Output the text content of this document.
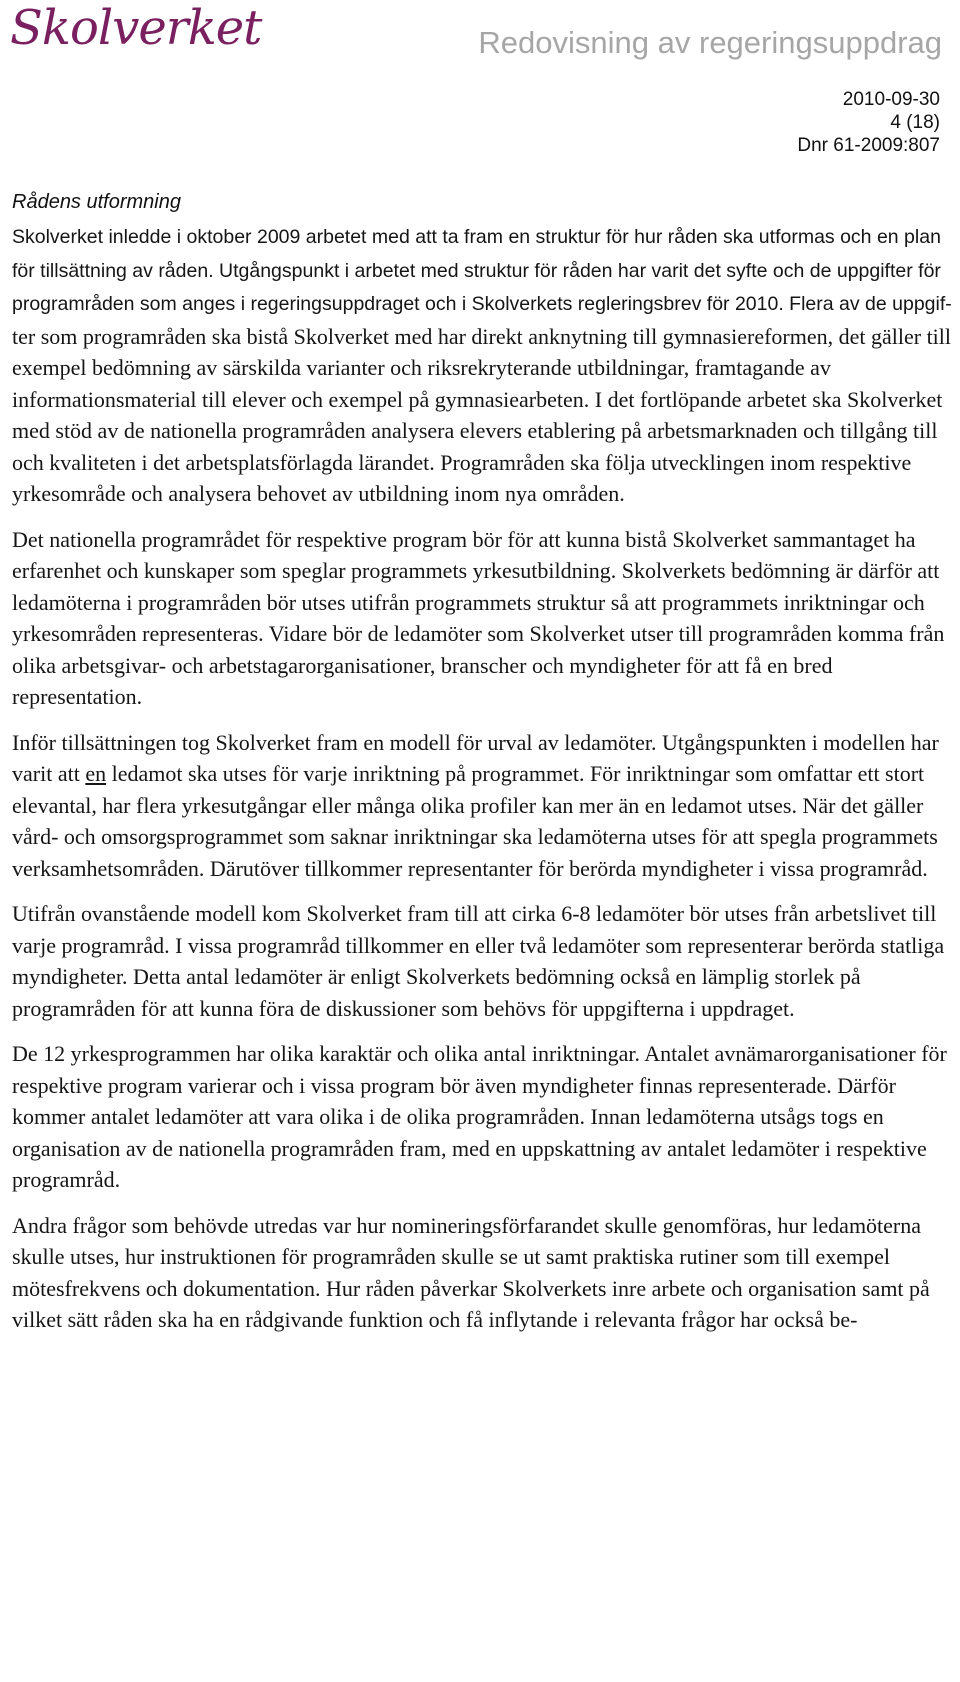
Skolverket	Redovisning av regeringsuppdrag
2010-09-30
4 (18)
Dnr 61-2009:807
Rådens utformning

Skolverket inledde i oktober 2009 arbetet med att ta fram en struktur för hur råden ska utformas och en plan för tillsättning av råden. Utgångspunkt i arbetet med struktur för råden har varit det syfte och de uppgifter för programråden som anges i regeringsuppdraget och i Skolverkets regleringsbrev för 2010. Flera av de uppgif- ter som programråden ska bistå Skolverket med har direkt anknytning till gymnasiereformen, det gäller till exempel bedömning av särskilda varianter och riksrekryterande utbildningar, framtagande av informationsmaterial till elever och exempel på gymnasiearbeten. I det fortlöpande arbetet ska Skolverket med stöd av de nationella programråden analysera elevers etablering på arbetsmarknaden och tillgång till och kvaliteten i det arbetsplatsförlagda lärandet. Programråden ska följa utvecklingen inom respektive yrkesområde och analysera behovet av utbildning inom nya områden.

Det nationella programrådet för respektive program bör för att kunna bistå Skolverket sammantaget ha erfarenhet och kunskaper som speglar programmets yrkesutbildning. Skolverkets bedömning är därför att ledamöterna i programråden bör utses utifrån programmets struktur så att programmets inriktningar och yrkesområden representeras. Vidare bör de ledamöter som Skolverket utser till programråden komma från olika arbetsgivar- och arbetstagarorganisationer, branscher och myndigheter för att få en bred representation.

Inför tillsättningen tog Skolverket fram en modell för urval av ledamöter. Utgångspunkten i modellen har varit att en ledamot ska utses för varje inriktning på programmet. För inriktningar som omfattar ett stort elevantal, har flera yrkesutgångar eller många olika profiler kan mer än en ledamot utses. När det gäller vård- och omsorgsprogrammet som saknar inriktningar ska ledamöterna utses för att spegla programmets verksamhetsområden. Därutöver tillkommer representanter för berörda myndigheter i vissa programråd.

Utifrån ovanstående modell kom Skolverket fram till att cirka 6-8 ledamöter bör utses från arbetslivet till varje programråd. I vissa programråd tillkommer en eller två ledamöter som representerar berörda statliga myndigheter. Detta antal ledamöter är enligt Skolverkets bedömning också en lämplig storlek på programråden för att kunna föra de diskussioner som behövs för uppgifterna i uppdraget.

De 12 yrkesprogrammen har olika karaktär och olika antal inriktningar. Antalet avnämarorganisationer för respektive program varierar och i vissa program bör även myndigheter finnas representerade. Därför kommer antalet ledamöter att vara olika i de olika programråden. Innan ledamöterna utsågs togs en organisation av de nationella programråden fram, med en uppskattning av antalet ledamöter i respektive programråd.

Andra frågor som behövde utredas var hur nomineringsförfarandet skulle genomföras, hur ledamöterna skulle utses, hur instruktionen för programråden skulle se ut samt praktiska rutiner som till exempel mötesfrekvens och dokumentation. Hur råden påverkar Skolverkets inre arbete och organisation samt på vilket sätt råden ska ha en rådgivande funktion och få inflytande i relevanta frågor har också be-
